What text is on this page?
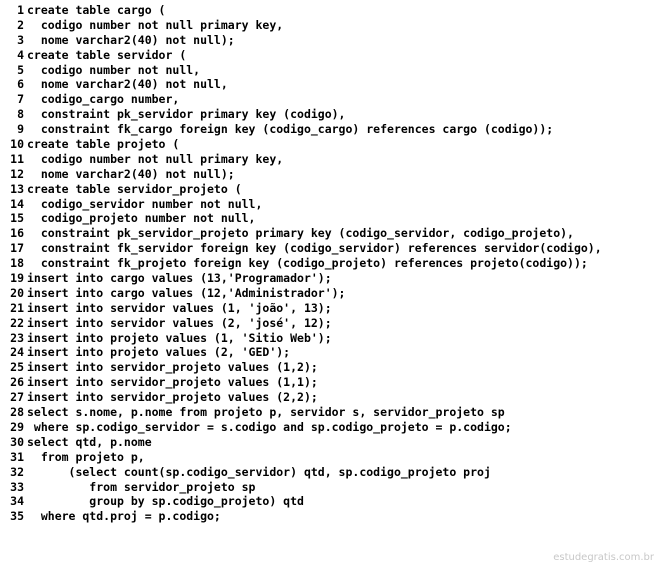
1 create table cargo (
2 codigo number not null primary key,
3 nome varchar2(40) not null);
4 create table servidor (
5 codigo number not null,
6 nome varchar2(40) not null,
7 codigo_cargo number,
8 constraint pk_servidor primary key (codigo),
9 constraint fk_cargo foreign key (codigo_cargo) references cargo (codigo));
10 create table projeto (
11 codigo number not null primary key,
12 nome varchar2(40) not null);
13 create table servidor_projeto (
14 codigo_servidor number not null,
15 codigo_projeto number not null,
16 constraint pk_servidor_projeto primary key (codigo_servidor, codigo_projeto),
17 constraint fk_servidor foreign key (codigo_servidor) references servidor(codigo),
18 constraint fk_projeto foreign key (codigo_projeto) references projeto(codigo));
19 insert into cargo values (13,'Programador');
20 insert into cargo values (12,'Administrador');
21 insert into servidor values (1, 'joão', 13);
22 insert into servidor values (2, 'josé', 12);
23 insert into projeto values (1, 'Sitio Web');
24 insert into projeto values (2, 'GED');
25 insert into servidor_projeto values (1,2);
26 insert into servidor_projeto values (1,1);
27 insert into servidor_projeto values (2,2);
28 select s.nome, p.nome from projeto p, servidor s, servidor_projeto sp
29 where sp.codigo_servidor = s.codigo and sp.codigo_projeto = p.codigo;
30 select qtd, p.nome
31 from projeto p,
32 (select count(sp.codigo_servidor) qtd, sp.codigo_projeto proj
33 from servidor_projeto sp
34 group by sp.codigo_projeto) qtd
35 where qtd.proj = p.codigo;
estudegratis.com.br
